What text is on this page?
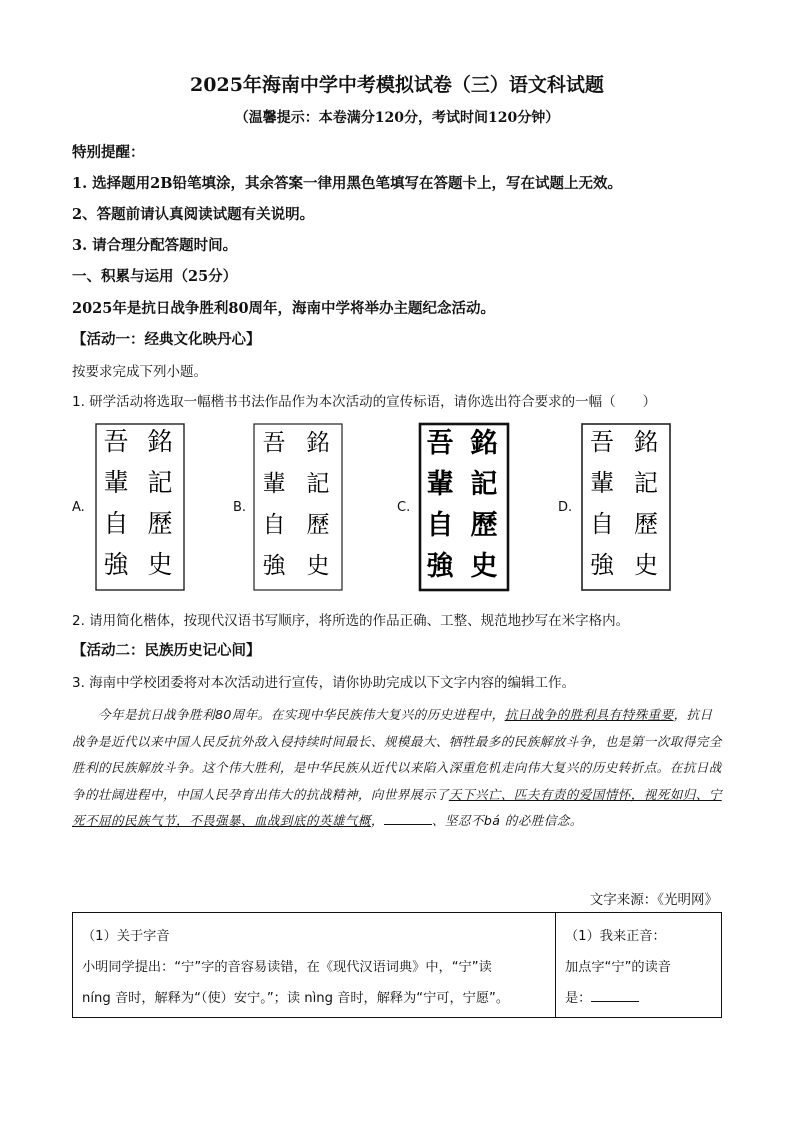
2025年海南中学中考模拟试卷（三）语文科试题
（温馨提示：本卷满分120分，考试时间120分钟）
特别提醒：
1. 选择题用2B铅笔填涂，其余答案一律用黑色笔填写在答题卡上，写在试题上无效。
2、答题前请认真阅读试题有关说明。
3. 请合理分配答题时间。
一、积累与运用（25分）
2025年是抗日战争胜利80周年，海南中学将举办主题纪念活动。
【活动一：经典文化映丹心】
按要求完成下列小题。
1. 研学活动将选取一幅楷书书法作品作为本次活动的宣传标语，请你选出符合要求的一幅（　　）
A.
吾輩自強
銘記歷史
B.
吾輩自強
銘記歷史
C.
吾輩自強
銘記歷史
D.
吾輩自強
銘記歷史
2. 请用简化楷体，按现代汉语书写顺序，将所选的作品正确、工整、规范地抄写在米字格内。
【活动二：民族历史记心间】
3. 海南中学校团委将对本次活动进行宣传，请你协助完成以下文字内容的编辑工作。
今年是抗日战争胜利80周年。在实现中华民族伟大复兴的历史进程中，抗日战争的胜利具有特殊重要，抗日战争是近代以来中国人民反抗外敌入侵持续时间最长、规模最大、牺牲最多的民族解放斗争，也是第一次取得完全胜利的民族解放斗争。这个伟大胜利，是中华民族从近代以来陷入深重危机走向伟大复兴的历史转折点。在抗日战争的壮阔进程中，中国人民孕育出伟大的抗战精神，向世界展示了天下兴亡、匹夫有责的爱国情怀，视死如归、宁死不屈的民族气节，不畏强暴、血战到底的英雄气概，	、坚忍不bá 的必胜信念。
文字来源：《光明网》
（1）关于字音
小明同学提出：“宁”字的音容易读错，在《现代汉语词典》中，“宁”读
níng 音时，解释为“（使）安宁。”；读 nìng 音时，解释为“宁可，宁愿”。
（1）我来正音：
加点字“宁”的读音
是：
